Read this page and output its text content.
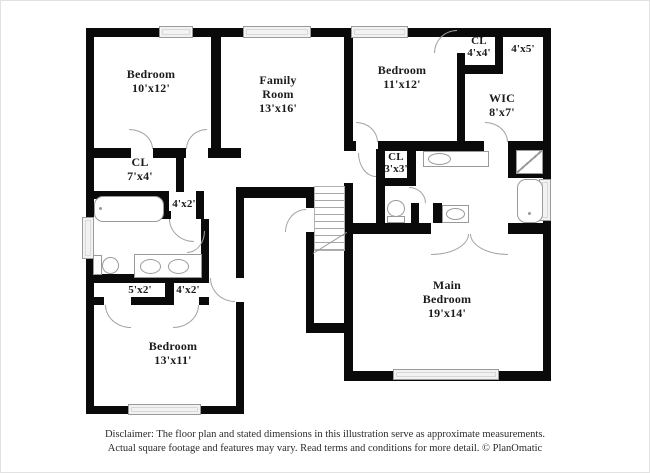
Bedroom
10'x12'
Family Room
13'x16'
Bedroom
11'x12'
CL
4'x4'	4'x5'
WIC
8'x7'
CL
7'x4'
4'x2'
CL
3'x3'
5'x2'	4'x2'
Bedroom
13'x11'
Main Bedroom
19'x14'
Disclaimer: The floor plan and stated dimensions in this illustration serve as approximate measurements.
Actual square footage and features may vary. Read terms and conditions for more detail. © PlanOmatic
